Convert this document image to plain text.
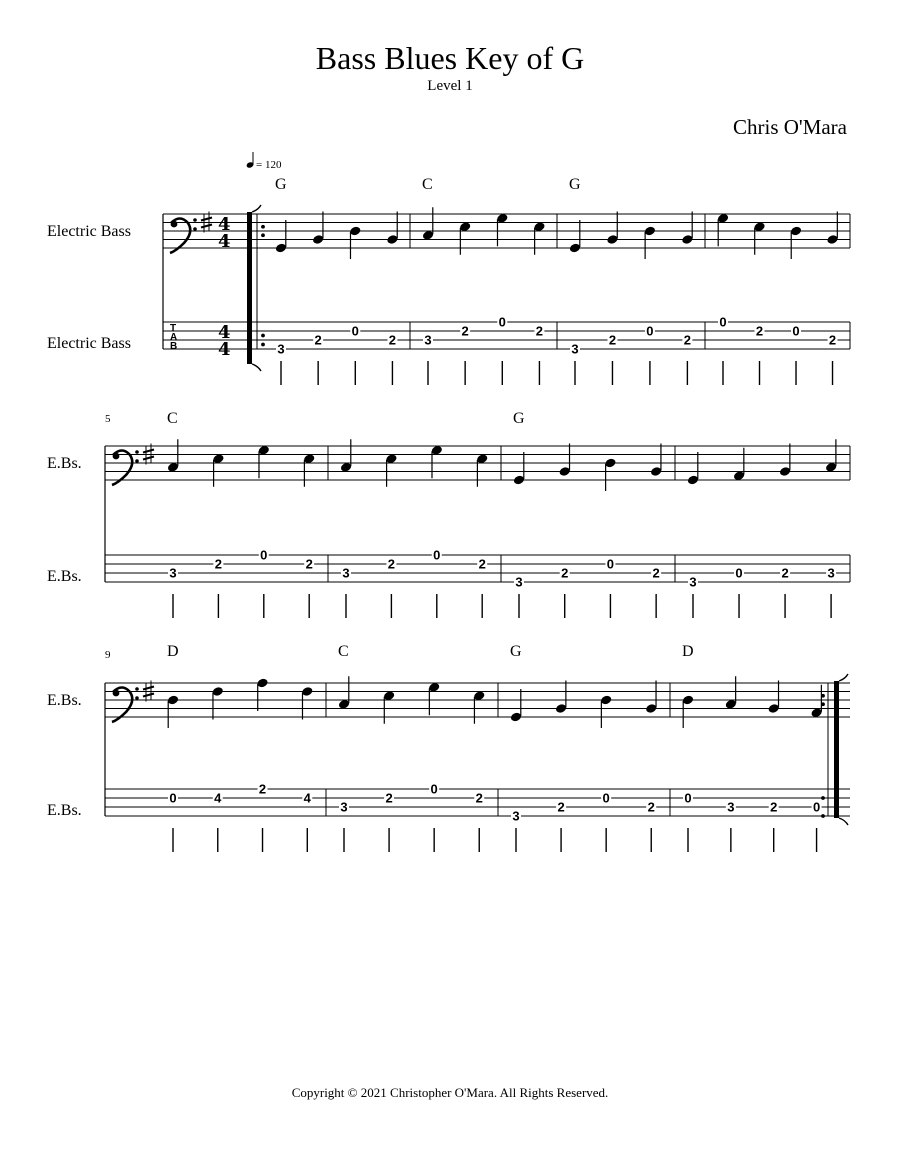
Bass Blues Key of G
Level 1
Chris O'Mara
Electric Bass
Electric Bass
4
4
T
A
B
4
4
= 120
G
3
2
0
2
C
3
2
0
2
G
3
2
0
2
0
2 0
2
E.Bs.
E.Bs.
5	C
3
2
0
2
3
2
0
2
G
3
2
0
2
3
0	2	3
E.Bs.
E.Bs.
9	D
0	4
2
4
C
3
2
0
2
G
3
2
0
2
D
0
3	2	0
Copyright © 2021 Christopher O'Mara. All Rights Reserved.
